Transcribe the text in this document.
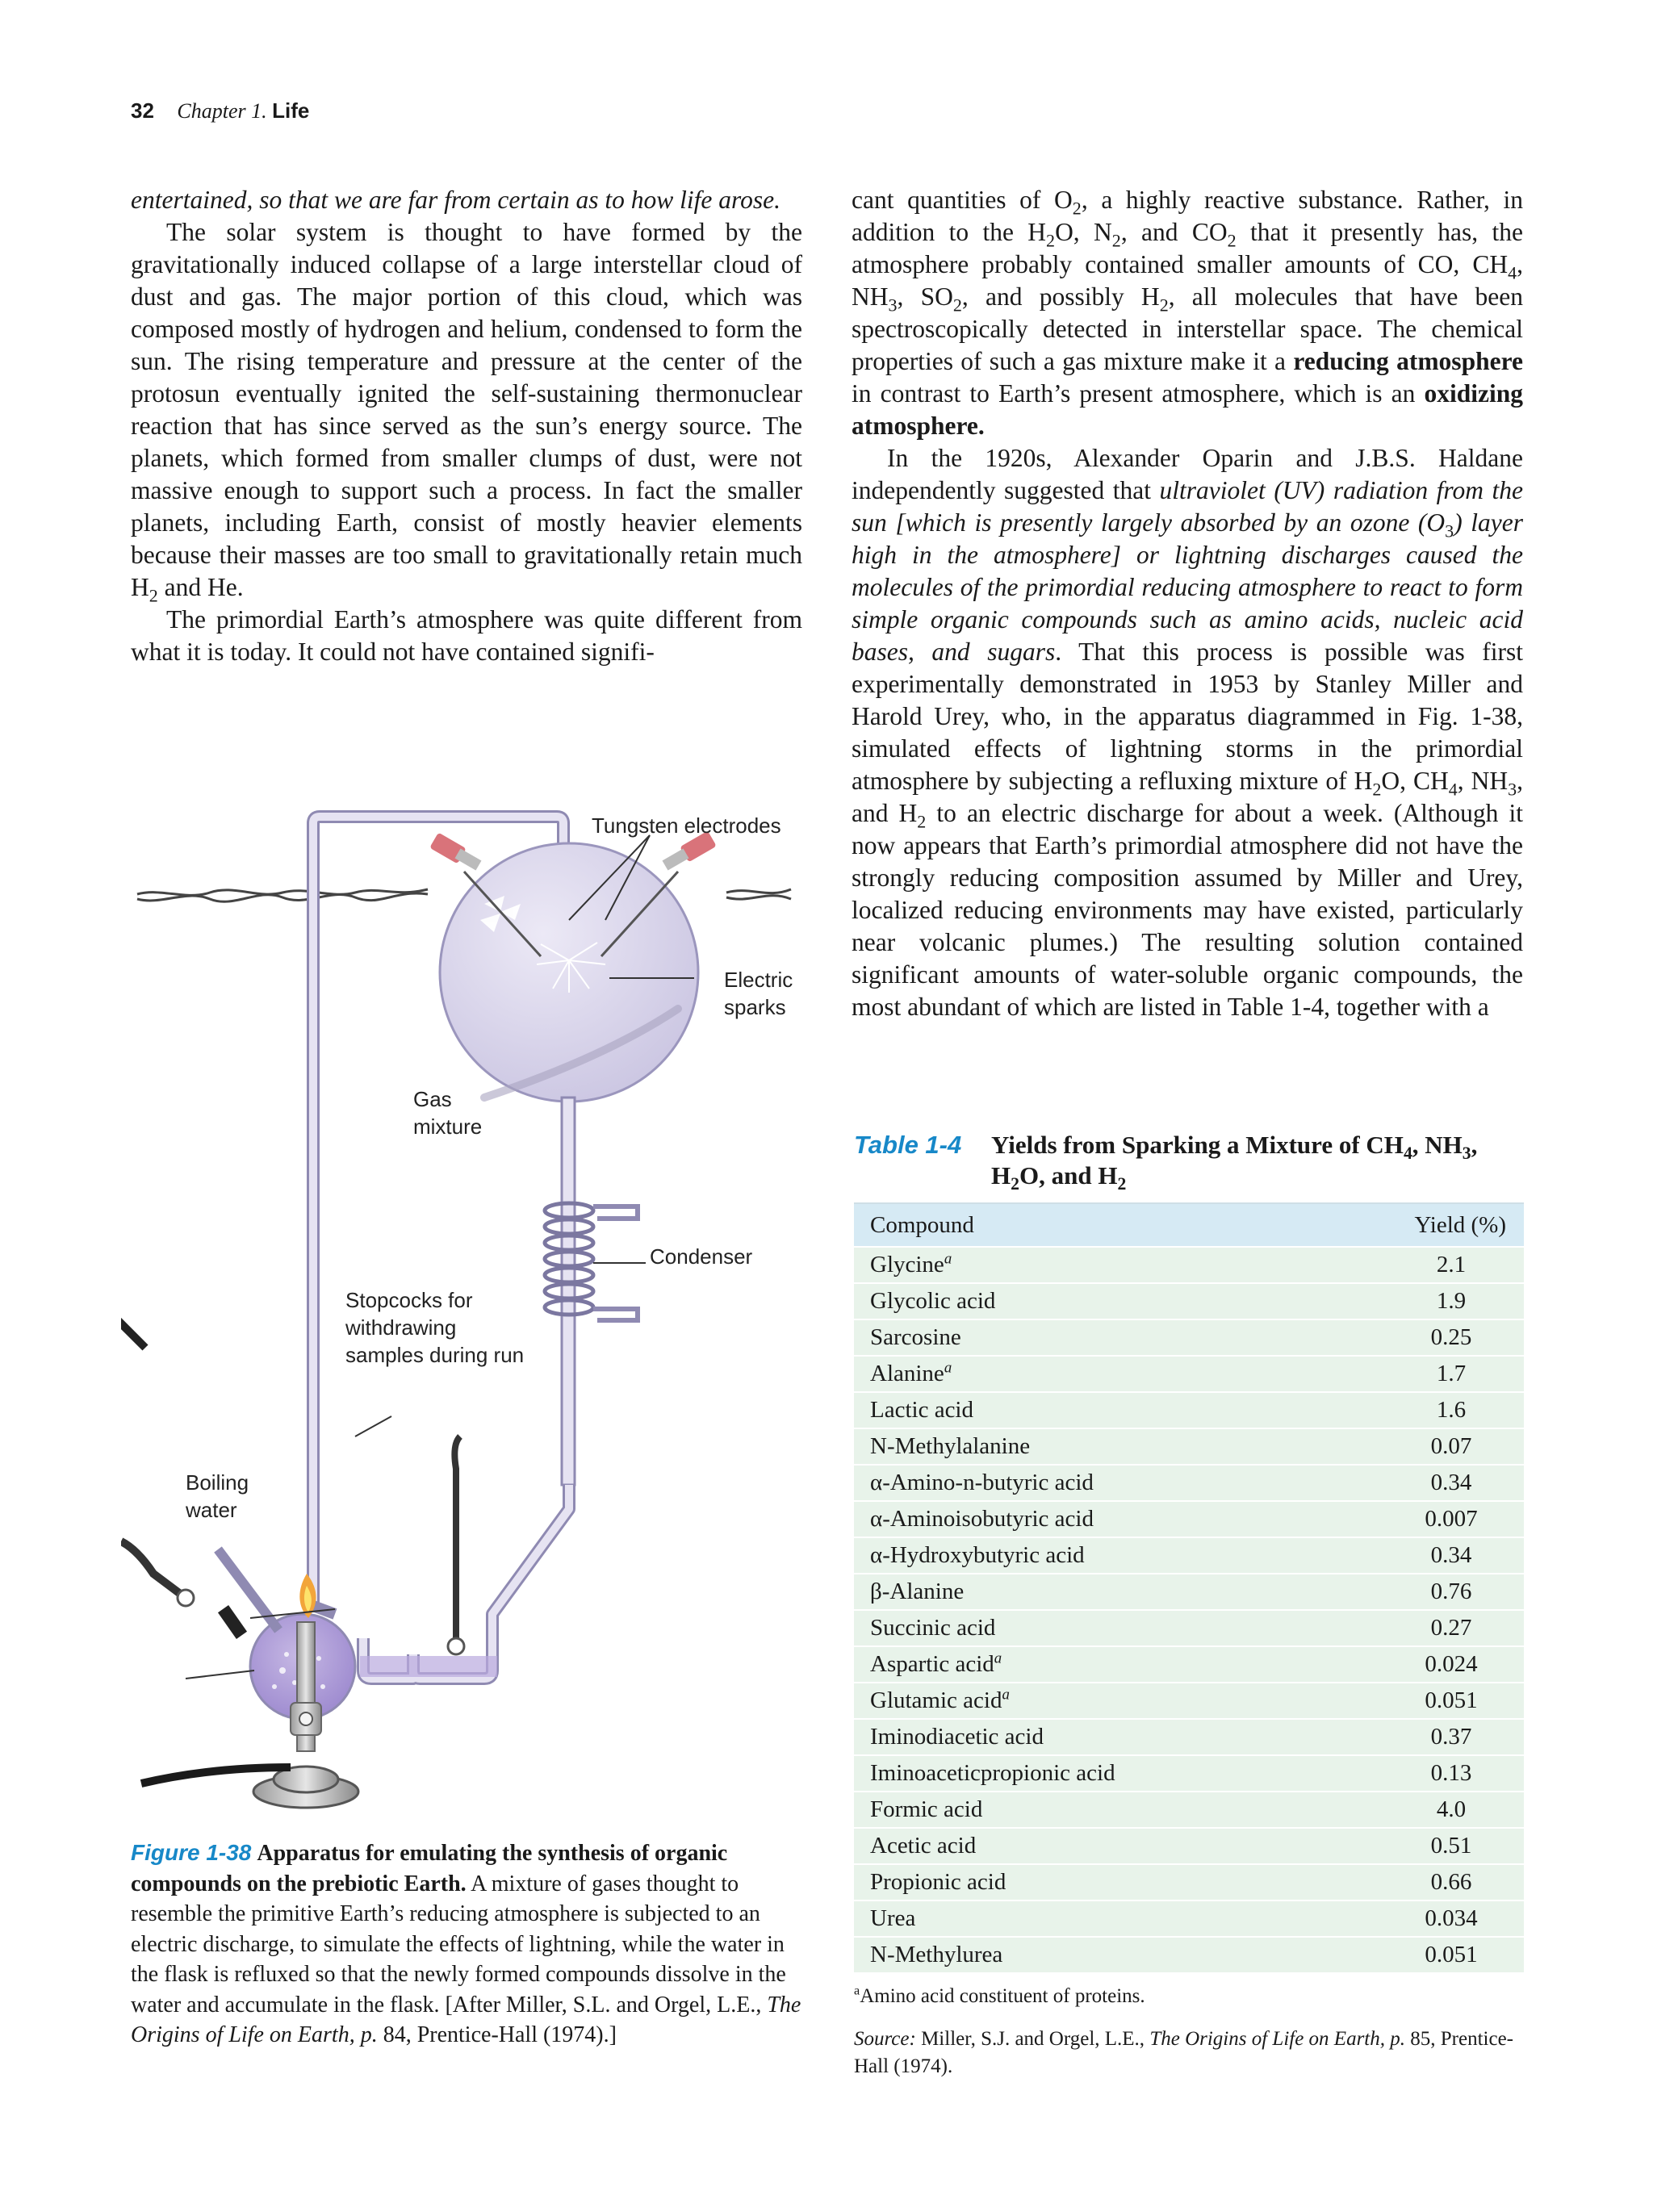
32 Chapter 1. Life

entertained, so that we are far from certain as to how life arose.

The solar system is thought to have formed by the gravitationally induced collapse of a large interstellar cloud of dust and gas. The major portion of this cloud, which was composed mostly of hydrogen and helium, condensed to form the sun. The rising temperature and pressure at the center of the protosun eventually ignited the self-sustaining thermonuclear reaction that has since served as the sun’s energy source. The planets, which formed from smaller clumps of dust, were not massive enough to support such a process. In fact the smaller planets, including Earth, consist of mostly heavier elements because their masses are too small to gravitationally retain much $H_2$ and He.

The primordial Earth’s atmosphere was quite different from what it is today. It could not have contained signifi-

cant quantities of $O_2$, a highly reactive substance. Rather, in addition to the $H_2O$, $N_2$, and $CO_2$ that it presently has, the atmosphere probably contained smaller amounts of CO, $CH_4$, $NH_3$, $SO_2$, and possibly $H_2$, all molecules that have been spectroscopically detected in interstellar space. The chemical properties of such a gas mixture make it a reducing atmosphere in contrast to Earth’s present atmosphere, which is an oxidizing atmosphere.

In the 1920s, Alexander Oparin and J.B.S. Haldane independently suggested that ultraviolet (UV) radiation from the sun [which is presently largely absorbed by an ozone $(O_3)$ layer high in the atmosphere] or lightning discharges caused the molecules of the primordial reducing atmosphere to react to form simple organic compounds such as amino acids, nucleic acid bases, and sugars. That this process is possible was first experimentally demonstrated in 1953 by Stanley Miller and Harold Urey, who, in the apparatus diagrammed in Fig. 1-38, simulated effects of lightning storms in the primordial atmosphere by subjecting a refluxing mixture of $H_2O$, $CH_4$, $NH_3$, and $H_2$ to an electric discharge for about a week. (Although it now appears that Earth’s primordial atmosphere did not have the strongly reducing composition assumed by Miller and Urey, localized reducing environments may have existed, particularly near volcanic plumes.) The resulting solution contained significant amounts of water-soluble organic compounds, the most abundant of which are listed in Table 1-4, together with a

Tungsten electrodes
Electric
sparks
Gas
mixture
Condenser
Stopcocks for
withdrawing
samples during run
Boiling
water
Figure 1-38 Apparatus for emulating the synthesis of organic compounds on the prebiotic Earth. A mixture of gases thought to resemble the primitive Earth’s reducing atmosphere is subjected to an electric discharge, to simulate the effects of lightning, while the water in the flask is refluxed so that the newly formed compounds dissolve in the water and accumulate in the flask. [After Miller, S.L. and Orgel, L.E., The Origins of Life on Earth, p. 84, Prentice-Hall (1974).]
Table 1-4 Yields from Sparking a Mixture of $CH_4$, $NH_3$,
$H_2O$, and $H_2$
Compound	Yield (%)
Glycine$^a$	2.1
Glycolic acid	1.9
Sarcosine	0.25
Alanine$^a$	1.7
Lactic acid	1.6
N-Methylalanine	0.07
α-Amino-n-butyric acid	0.34
α-Aminoisobutyric acid	0.007
α-Hydroxybutyric acid	0.34
β-Alanine	0.76
Succinic acid	0.27
Aspartic acid$^a$	0.024
Glutamic acid$^a$	0.051
Iminodiacetic acid	0.37
Iminoaceticpropionic acid	0.13
Formic acid	4.0
Acetic acid	0.51
Propionic acid	0.66
Urea	0.034
N-Methylurea	0.051
$^a$Amino acid constituent of proteins.
Source: Miller, S.J. and Orgel, L.E., The Origins of Life on Earth, p. 85, Prentice-Hall (1974).
